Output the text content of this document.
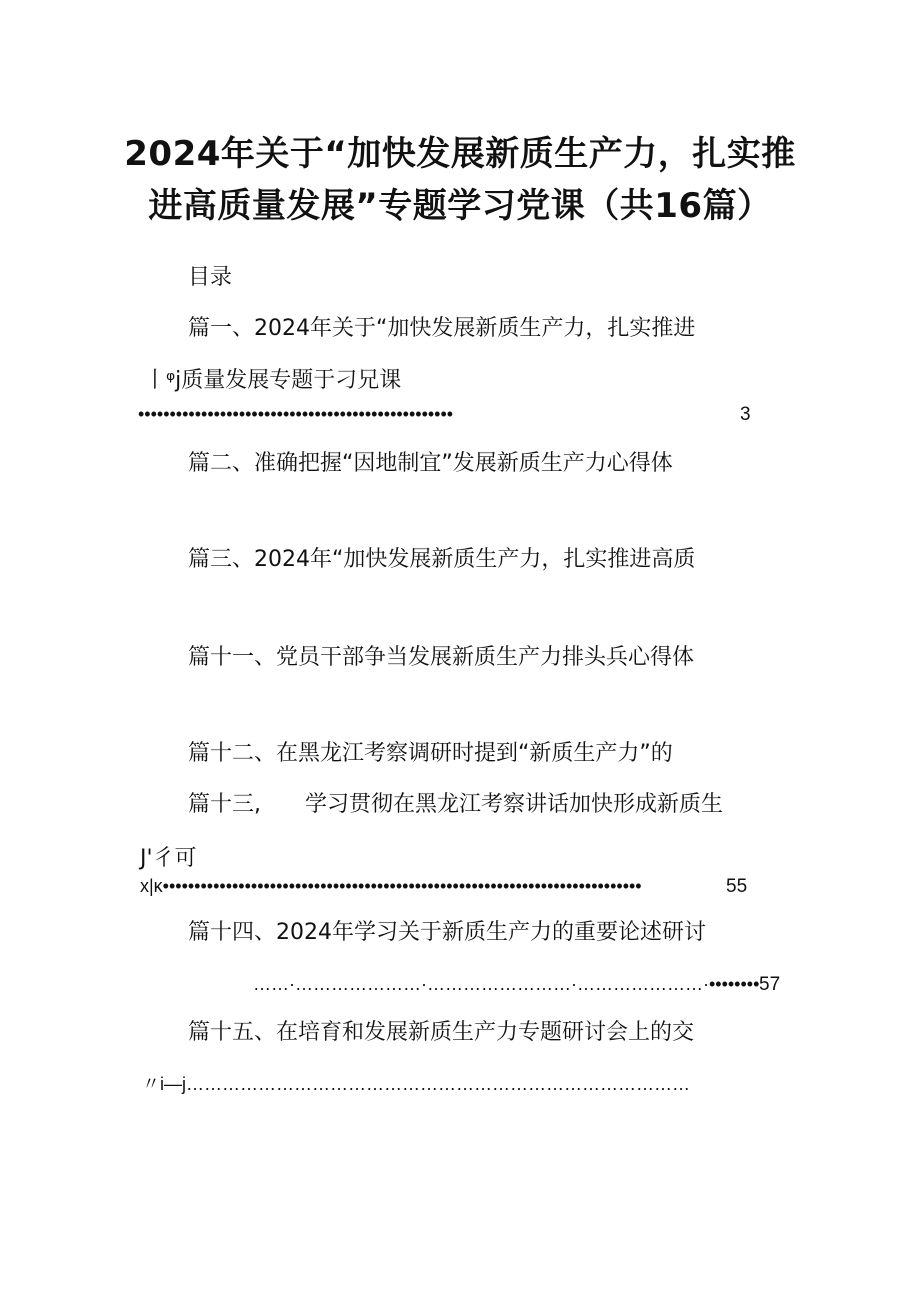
2024年关于“加快发展新质生产力，扎实推
进高质量发展”专题学习党课（共16篇）
目录
篇一、2024年关于“加快发展新质生产力，扎实推进
丨ᵠj质量发展专题于刁兄课
••••••••••••••••••••••••••••••••••••••••••••••••••	3
篇二、准确把握“因地制宜”发展新质生产力心得体
篇三、2024年“加快发展新质生产力，扎实推进高质
篇十一、党员干部争当发展新质生产力排头兵心得体
篇十二、在黑龙江考察调研时提到“新质生产力”的
篇十三,　　学习贯彻在黑龙江考察讲话加快形成新质生
J'彳可
x|κ••••••••••••••••••••••••••••••••••••••••••••••••••••••••••••••••••••••••••••	55
篇十四、2024年学习关于新质生产力的重要论述研讨
……·…………………·……………………·…………………·•••••••• 57
篇十五、在培育和发展新质生产力专题研讨会上的交
〃i—j…………………………………………………………………………
